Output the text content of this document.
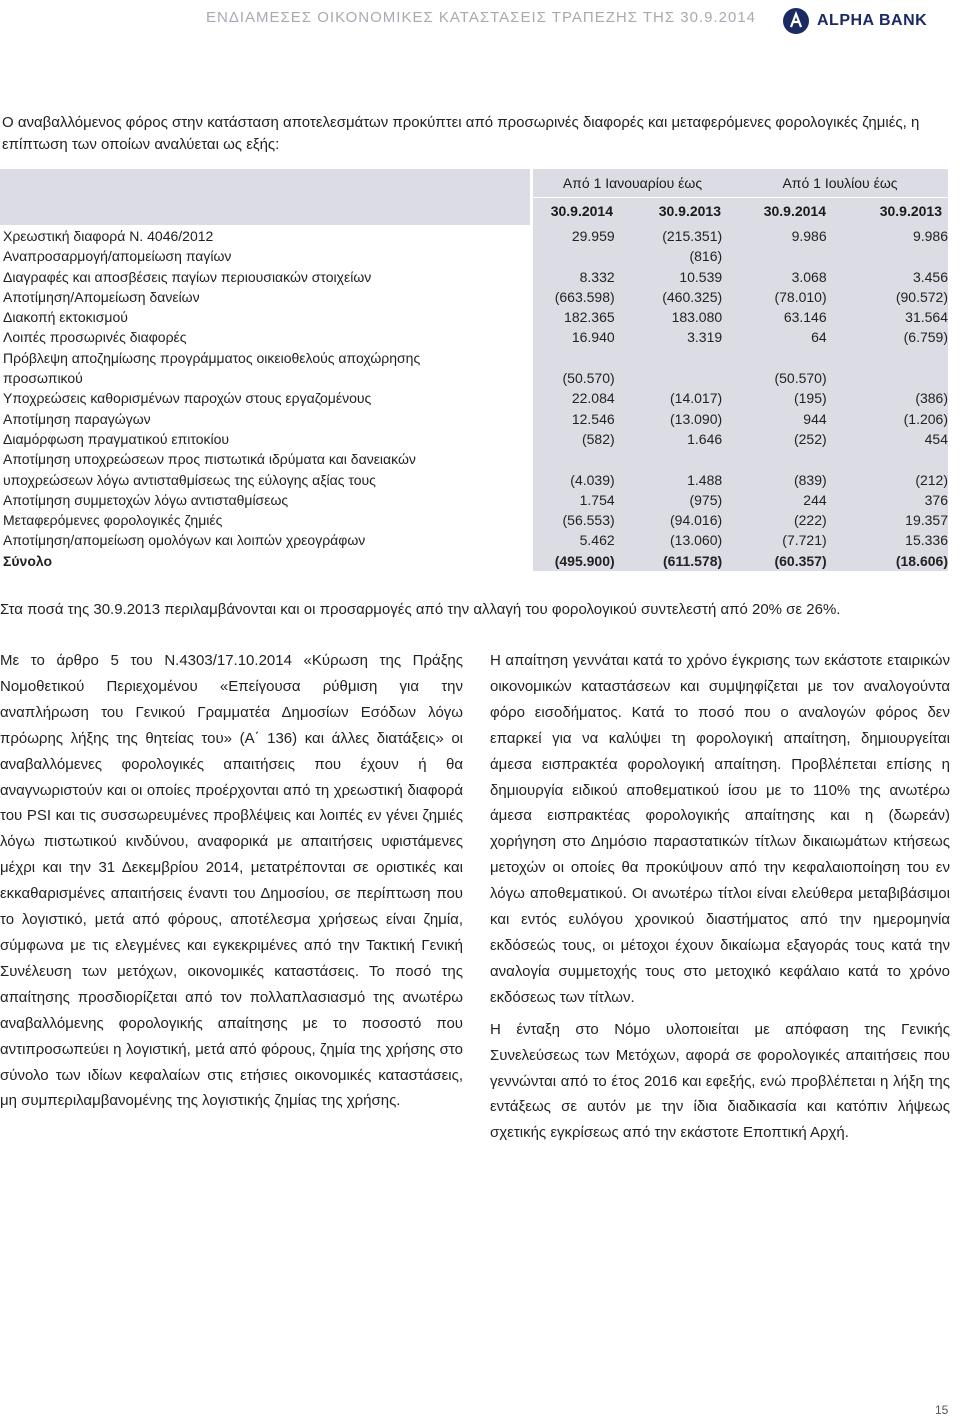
ΕΝΔΙΑΜΕΣΕΣ ΟΙΚΟΝΟΜΙΚΕΣ ΚΑΤΑΣΤΑΣΕΙΣ ΤΡΑΠΕΖΗΣ ΤΗΣ 30.9.2014	ALPHA BANK
Ο αναβαλλόμενος φόρος στην κατάσταση αποτελεσμάτων προκύπτει από προσωρινές διαφορές και μεταφερόμενες φορολογικές ζημιές, η επίπτωση των οποίων αναλύεται ως εξής:
Από 1 Ιανουαρίου έως	Από 1 Ιουλίου έως
30.9.2014	30.9.2013	30.9.2014	30.9.2013
Χρεωστική διαφορά Ν. 4046/2012	29.959	(215.351)	9.986	9.986
Αναπροσαρμογή/απομείωση παγίων		(816)		
Διαγραφές και αποσβέσεις παγίων περιουσιακών στοιχείων	8.332	10.539	3.068	3.456
Αποτίμηση/Απομείωση δανείων	(663.598)	(460.325)	(78.010)	(90.572)
Διακοπή εκτοκισμού	182.365	183.080	63.146	31.564
Λοιπές προσωρινές διαφορές	16.940	3.319	64	(6.759)
Πρόβλεψη αποζημίωσης προγράμματος οικειοθελούς αποχώρησης				
προσωπικού	(50.570)		(50.570)	
Υποχρεώσεις καθορισμένων παροχών στους εργαζομένους	22.084	(14.017)	(195)	(386)
Αποτίμηση παραγώγων	12.546	(13.090)	944	(1.206)
Διαμόρφωση πραγματικού επιτοκίου	(582)	1.646	(252)	454
Αποτίμηση υποχρεώσεων προς πιστωτικά ιδρύματα και δανειακών				
υποχρεώσεων λόγω αντισταθμίσεως της εύλογης αξίας τους	(4.039)	1.488	(839)	(212)
Αποτίμηση συμμετοχών λόγω αντισταθμίσεως	1.754	(975)	244	376
Μεταφερόμενες φορολογικές ζημιές	(56.553)	(94.016)	(222)	19.357
Αποτίμηση/απομείωση ομολόγων και λοιπών χρεογράφων	5.462	(13.060)	(7.721)	15.336
Σύνολο	(495.900)	(611.578)	(60.357)	(18.606)
Στα ποσά της 30.9.2013 περιλαμβάνονται και οι προσαρμογές από την αλλαγή του φορολογικού συντελεστή από 20% σε 26%.

Με το άρθρο 5 του Ν.4303/17.10.2014 «Κύρωση της Πράξης Νομοθετικού Περιεχομένου «Επείγουσα ρύθμιση για την αναπλήρωση του Γενικού Γραμματέα Δημοσίων Εσόδων λόγω πρόωρης λήξης της θητείας του» (Α΄ 136) και άλλες διατάξεις» οι αναβαλλόμενες φορολογικές απαιτήσεις που έχουν ή θα αναγνωριστούν και οι οποίες προέρχονται από τη χρεωστική διαφορά του PSI και τις συσσωρευμένες προβλέψεις και λοιπές εν γένει ζημιές λόγω πιστωτικού κινδύνου, αναφορικά με απαιτήσεις υφιστάμενες μέχρι και την 31 Δεκεμβρίου 2014, μετατρέπονται σε οριστικές και εκκαθαρισμένες απαιτήσεις έναντι του Δημοσίου, σε περίπτωση που το λογιστικό, μετά από φόρους, αποτέλεσμα χρήσεως είναι ζημία, σύμφωνα με τις ελεγμένες και εγκεκριμένες από την Τακτική Γενική Συνέλευση των μετόχων, οικονομικές καταστάσεις. Το ποσό της απαίτησης προσδιορίζεται από τον πολλαπλασιασμό της ανωτέρω αναβαλλόμενης φορολογικής απαίτησης με το ποσοστό που αντιπροσωπεύει η λογιστική, μετά από φόρους, ζημία της χρήσης στο σύνολο των ιδίων κεφαλαίων στις ετήσιες οικονομικές καταστάσεις, μη συμπεριλαμβανομένης της λογιστικής ζημίας της χρήσης.

Η απαίτηση γεννάται κατά το χρόνο έγκρισης των εκάστοτε εταιρικών οικονομικών καταστάσεων και συμψηφίζεται με τον αναλογούντα φόρο εισοδήματος. Κατά το ποσό που ο αναλογών φόρος δεν επαρκεί για να καλύψει τη φορολογική απαίτηση, δημιουργείται άμεσα εισπρακτέα φορολογική απαίτηση. Προβλέπεται επίσης η δημιουργία ειδικού αποθεματικού ίσου με το 110% της ανωτέρω άμεσα εισπρακτέας φορολογικής απαίτησης και η (δωρεάν) χορήγηση στο Δημόσιο παραστατικών τίτλων δικαιωμάτων κτήσεως μετοχών οι οποίες θα προκύψουν από την κεφαλαιοποίηση του εν λόγω αποθεματικού. Οι ανωτέρω τίτλοι είναι ελεύθερα μεταβιβάσιμοι και εντός ευλόγου χρονικού διαστήματος από την ημερομηνία εκδόσεώς τους, οι μέτοχοι έχουν δικαίωμα εξαγοράς τους κατά την αναλογία συμμετοχής τους στο μετοχικό κεφάλαιο κατά το χρόνο εκδόσεως των τίτλων.

Η ένταξη στο Νόμο υλοποιείται με απόφαση της Γενικής Συνελεύσεως των Μετόχων, αφορά σε φορολογικές απαιτήσεις που γεννώνται από το έτος 2016 και εφεξής, ενώ προβλέπεται η λήξη της εντάξεως σε αυτόν με την ίδια διαδικασία και κατόπιν λήψεως σχετικής εγκρίσεως από την εκάστοτε Εποπτική Αρχή.

15
